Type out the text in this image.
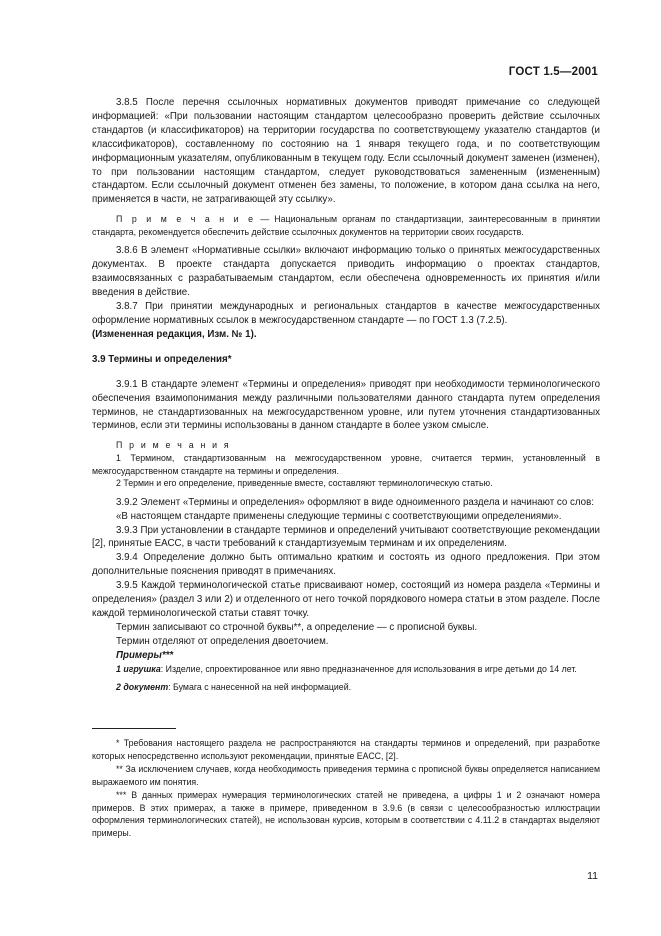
ГОСТ 1.5—2001

3.8.5 После перечня ссылочных нормативных документов приводят примечание со следующей информацией: «При пользовании настоящим стандартом целесообразно проверить действие ссылочных стандартов (и классификаторов) на территории государства по соответствующему указателю стандартов (и классификаторов), составленному по состоянию на 1 января текущего года, и по соответствующим информационным указателям, опубликованным в текущем году. Если ссылочный документ заменен (изменен), то при пользовании настоящим стандартом, следует руководствоваться замененным (измененным) стандартом. Если ссылочный документ отменен без замены, то положение, в котором дана ссылка на него, применяется в части, не затрагивающей эту ссылку».

П р и м е ч а н и е — Национальным органам по стандартизации, заинтересованным в принятии стандарта, рекомендуется обеспечить действие ссылочных документов на территории своих государств.

3.8.6 В элемент «Нормативные ссылки» включают информацию только о принятых межгосударственных документах. В проекте стандарта допускается приводить информацию о проектах стандартов, взаимосвязанных с разрабатываемым стандартом, если обеспечена одновременность их принятия и/или введения в действие.

3.8.7 При принятии международных и региональных стандартов в качестве межгосударственных оформление нормативных ссылок в межгосударственном стандарте — по ГОСТ 1.3 (7.2.5).

(Измененная редакция, Изм. № 1).

3.9 Термины и определения*

3.9.1 В стандарте элемент «Термины и определения» приводят при необходимости терминологического обеспечения взаимопонимания между различными пользователями данного стандарта путем определения терминов, не стандартизованных на межгосударственном уровне, или путем уточнения стандартизованных терминов, если эти термины использованы в данном стандарте в более узком смысле.

П р и м е ч а н и я

1 Термином, стандартизованным на межгосударственном уровне, считается термин, установленный в межгосударственном стандарте на термины и определения.

2 Термин и его определение, приведенные вместе, составляют терминологическую статью.

3.9.2 Элемент «Термины и определения» оформляют в виде одноименного раздела и начинают со слов:

«В настоящем стандарте применены следующие термины с соответствующими определениями».

3.9.3 При установлении в стандарте терминов и определений учитывают соответствующие рекомендации [2], принятые ЕАСС, в части требований к стандартизуемым терминам и их определениям.

3.9.4 Определение должно быть оптимально кратким и состоять из одного предложения. При этом дополнительные пояснения приводят в примечаниях.

3.9.5 Каждой терминологической статье присваивают номер, состоящий из номера раздела «Термины и определения» (раздел 3 или 2) и отделенного от него точкой порядкового номера статьи в этом разделе. После каждой терминологической статьи ставят точку.

Термин записывают со строчной буквы**, а определение — с прописной буквы.

Термин отделяют от определения двоеточием.

Примеры***

1 игрушка: Изделие, спроектированное или явно предназначенное для использования в игре детьми до 14 лет.

2 документ: Бумага с нанесенной на ней информацией.

* Требования настоящего раздела не распространяются на стандарты терминов и определений, при разработке которых непосредственно используют рекомендации, принятые ЕАСС, [2].

** За исключением случаев, когда необходимость приведения термина с прописной буквы определяется написанием выражаемого им понятия.

*** В данных примерах нумерация терминологических статей не приведена, а цифры 1 и 2 означают номера примеров. В этих примерах, а также в примере, приведенном в 3.9.6 (в связи с целесообразностью иллюстрации оформления терминологических статей), не использован курсив, которым в соответствии с 4.11.2 в стандартах выделяют примеры.

11
